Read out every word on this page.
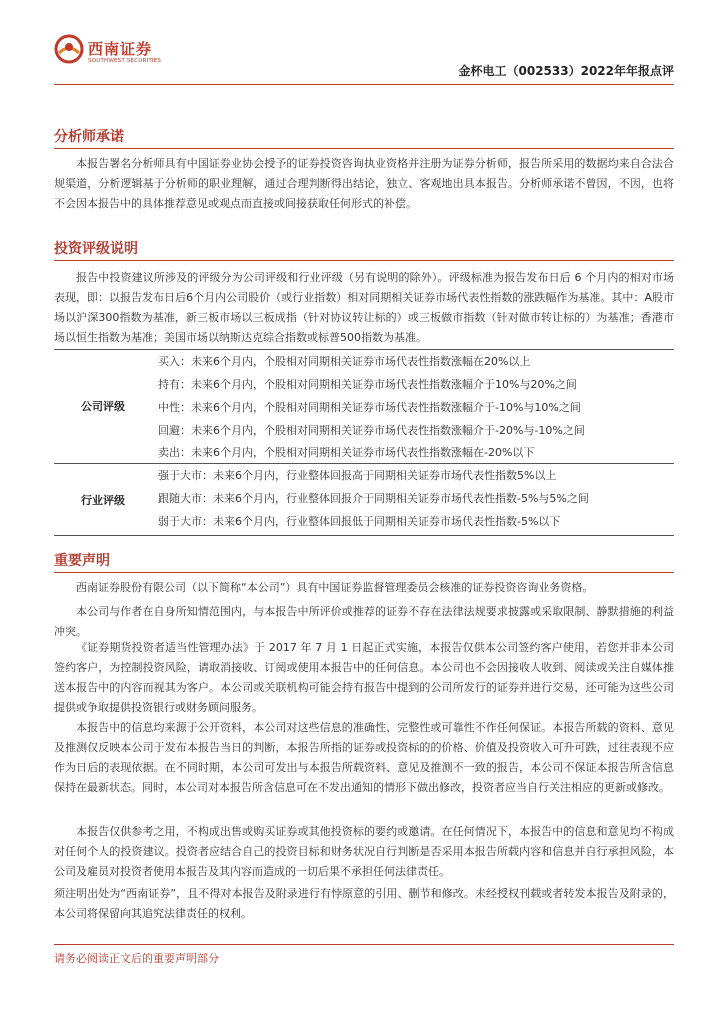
西南证券
SOUTHWEST SECURITIES
金杯电工（002533）2022年年报点评
分析师承诺
本报告署名分析师具有中国证券业协会授予的证券投资咨询执业资格并注册为证券分析师，报告所采用的数据均来自合法合规渠道，分析逻辑基于分析师的职业理解，通过合理判断得出结论，独立、客观地出具本报告。分析师承诺不曾因，不因，也将不会因本报告中的具体推荐意见或观点而直接或间接获取任何形式的补偿。
投资评级说明
报告中投资建议所涉及的评级分为公司评级和行业评级（另有说明的除外）。评级标准为报告发布日后 6 个月内的相对市场表现，即：以报告发布日后6个月内公司股价（或行业指数）相对同期相关证券市场代表性指数的涨跌幅作为基准。其中：A股市场以沪深300指数为基准，新三板市场以三板成指（针对协议转让标的）或三板做市指数（针对做市转让标的）为基准；香港市场以恒生指数为基准；美国市场以纳斯达克综合指数或标普500指数为基准。
公司评级
买入：未来6个月内，个股相对同期相关证券市场代表性指数涨幅在20%以上
持有：未来6个月内，个股相对同期相关证券市场代表性指数涨幅介于10%与20%之间
中性：未来6个月内，个股相对同期相关证券市场代表性指数涨幅介于-10%与10%之间
回避：未来6个月内，个股相对同期相关证券市场代表性指数涨幅介于-20%与-10%之间
卖出：未来6个月内，个股相对同期相关证券市场代表性指数涨幅在-20%以下
行业评级
强于大市：未来6个月内，行业整体回报高于同期相关证券市场代表性指数5%以上
跟随大市：未来6个月内，行业整体回报介于同期相关证券市场代表性指数-5%与5%之间
弱于大市：未来6个月内，行业整体回报低于同期相关证券市场代表性指数-5%以下
重要声明
西南证券股份有限公司（以下简称“本公司”）具有中国证券监督管理委员会核准的证券投资咨询业务资格。
本公司与作者在自身所知情范围内，与本报告中所评价或推荐的证券不存在法律法规要求披露或采取限制、静默措施的利益冲突。
《证券期货投资者适当性管理办法》于 2017 年 7 月 1 日起正式实施，本报告仅供本公司签约客户使用，若您并非本公司签约客户，为控制投资风险，请取消接收、订阅或使用本报告中的任何信息。本公司也不会因接收人收到、阅读或关注自媒体推送本报告中的内容而视其为客户。本公司或关联机构可能会持有报告中提到的公司所发行的证券并进行交易，还可能为这些公司提供或争取提供投资银行或财务顾问服务。
本报告中的信息均来源于公开资料，本公司对这些信息的准确性、完整性或可靠性不作任何保证。本报告所载的资料、意见及推测仅反映本公司于发布本报告当日的判断，本报告所指的证券或投资标的的价格、价值及投资收入可升可跌，过往表现不应作为日后的表现依据。在不同时期，本公司可发出与本报告所载资料、意见及推测不一致的报告，本公司不保证本报告所含信息保持在最新状态。同时，本公司对本报告所含信息可在不发出通知的情形下做出修改，投资者应当自行关注相应的更新或修改。
本报告仅供参考之用，不构成出售或购买证券或其他投资标的要约或邀请。在任何情况下，本报告中的信息和意见均不构成对任何个人的投资建议。投资者应结合自己的投资目标和财务状况自行判断是否采用本报告所载内容和信息并自行承担风险，本公司及雇员对投资者使用本报告及其内容而造成的一切后果不承担任何法律责任。
须注明出处为“西南证券”，且不得对本报告及附录进行有悖原意的引用、删节和修改。未经授权刊载或者转发本报告及附录的，本公司将保留向其追究法律责任的权利。
请务必阅读正文后的重要声明部分
